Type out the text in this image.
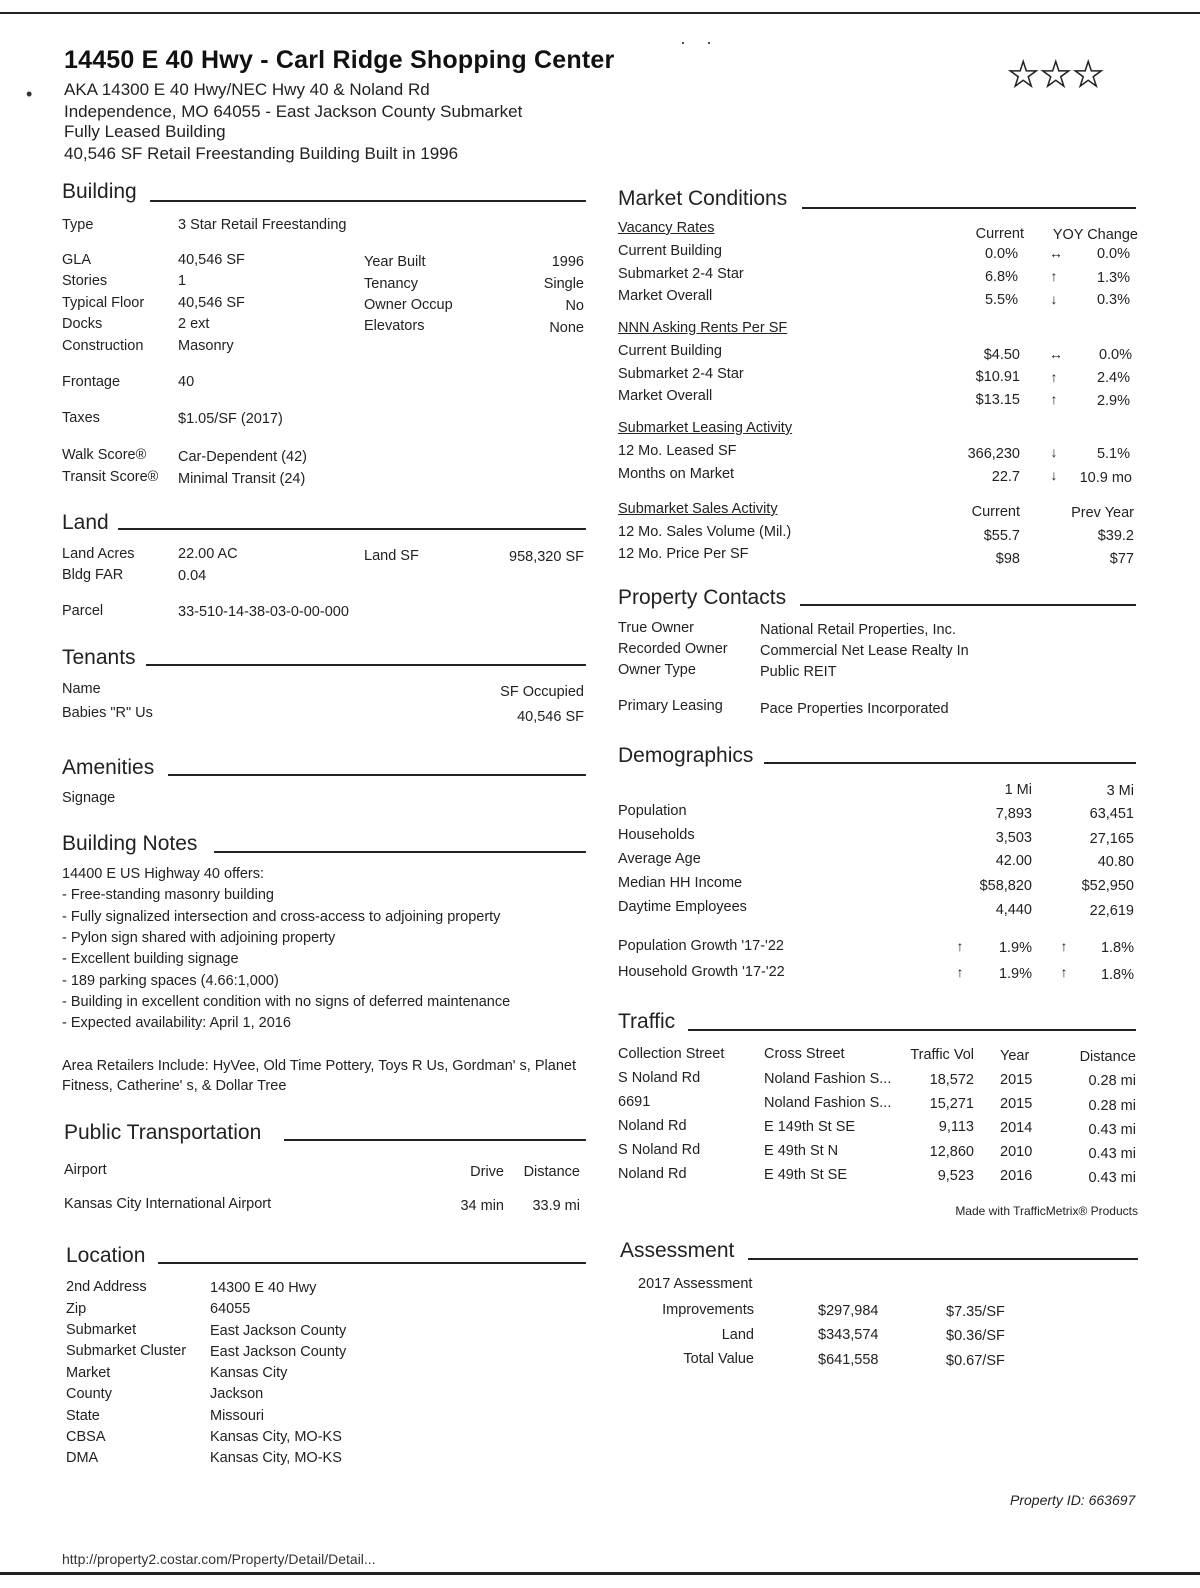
•
· ·
14450 E 40 Hwy - Carl Ridge Shopping Center
AKA 14300 E 40 Hwy/NEC Hwy 40 & Noland Rd
Independence, MO 64055 - East Jackson County Submarket
Fully Leased Building
40,546 SF Retail Freestanding Building Built in 1996
★ ★ ★
Building
Type	3 Star Retail Freestanding
GLA	40,546 SF
Stories	1
Typical Floor 40,546 SF
Docks	2 ext
Construction Masonry
Year Built	1996
Tenancy	Single
Owner Occup	No
Elevators	None
Frontage	40
Taxes	$1.05/SF (2017)
Walk Score® Car-Dependent (42)
Transit Score® Minimal Transit (24)
Land
Land Acres	22.00 AC
Bldg FAR	0.04
Land SF	958,320 SF
Parcel	33-510-14-38-03-0-00-000
Tenants
Name	SF Occupied
Babies "R" Us	40,546 SF
Amenities
Signage
Building Notes
14400 E US Highway 40 offers:
- Free-standing masonry building
- Fully signalized intersection and cross-access to adjoining property
- Pylon sign shared with adjoining property
- Excellent building signage
- 189 parking spaces (4.66:1,000)
- Building in excellent condition with no signs of deferred maintenance
- Expected availability: April 1, 2016
Area Retailers Include: HyVee, Old Time Pottery, Toys R Us, Gordman' s, Planet
Fitness, Catherine' s, & Dollar Tree
Public Transportation
Airport	Drive	Distance
Kansas City International Airport	34 min	33.9 mi
Location
2nd Address	14300 E 40 Hwy
Zip	64055
Submarket	East Jackson County
Submarket Cluster East Jackson County
Market	Kansas City
County	Jackson
State	Missouri
CBSA	Kansas City, MO-KS
DMA	Kansas City, MO-KS
Market Conditions
Vacancy Rates	Current	YOY Change
Current Building	0.0% ↔	0.0%
Submarket 2-4 Star	6.8%	↑	1.3%
Market Overall	5.5%	↓	0.3%
NNN Asking Rents Per SF
Current Building	$4.50 ↔	0.0%
Submarket 2-4 Star	$10.91	↑	2.4%
Market Overall	$13.15	↑	2.9%
Submarket Leasing Activity
12 Mo. Leased SF	366,230	↓	5.1%
Months on Market	22.7	↓	10.9 mo
Submarket Sales Activity	Current	Prev Year
12 Mo. Sales Volume (Mil.)	$55.7	$39.2
12 Mo. Price Per SF	$98	$77
Property Contacts
True Owner	National Retail Properties, Inc.
Recorded Owner Commercial Net Lease Realty In
Owner Type	Public REIT
Primary Leasing	Pace Properties Incorporated
Demographics
1 Mi	3 Mi
Population	7,893	63,451
Households	3,503	27,165
Average Age	42.00	40.80
Median HH Income	$58,820	$52,950
Daytime Employees	4,440	22,619
Population Growth '17-'22	↑	1.9%	↑	1.8%
Household Growth '17-'22	↑	1.9%	↑	1.8%
Traffic
Collection Street	Cross Street	Traffic Vol Year	Distance
S Noland Rd	Noland Fashion S...	18,572 2015	0.28 mi
6691	Noland Fashion S...	15,271 2015	0.28 mi
Noland Rd	E 149th St SE	9,113 2014	0.43 mi
S Noland Rd	E 49th St N	12,860 2010	0.43 mi
Noland Rd	E 49th St SE	9,523 2016	0.43 mi
Made with TrafficMetrix® Products
Assessment
2017 Assessment
Improvements	$297,984	$7.35/SF
Land	$343,574	$0.36/SF
Total Value	$641,558	$0.67/SF
Property ID: 663697
http://property2.costar.com/Property/Detail/Detail...
